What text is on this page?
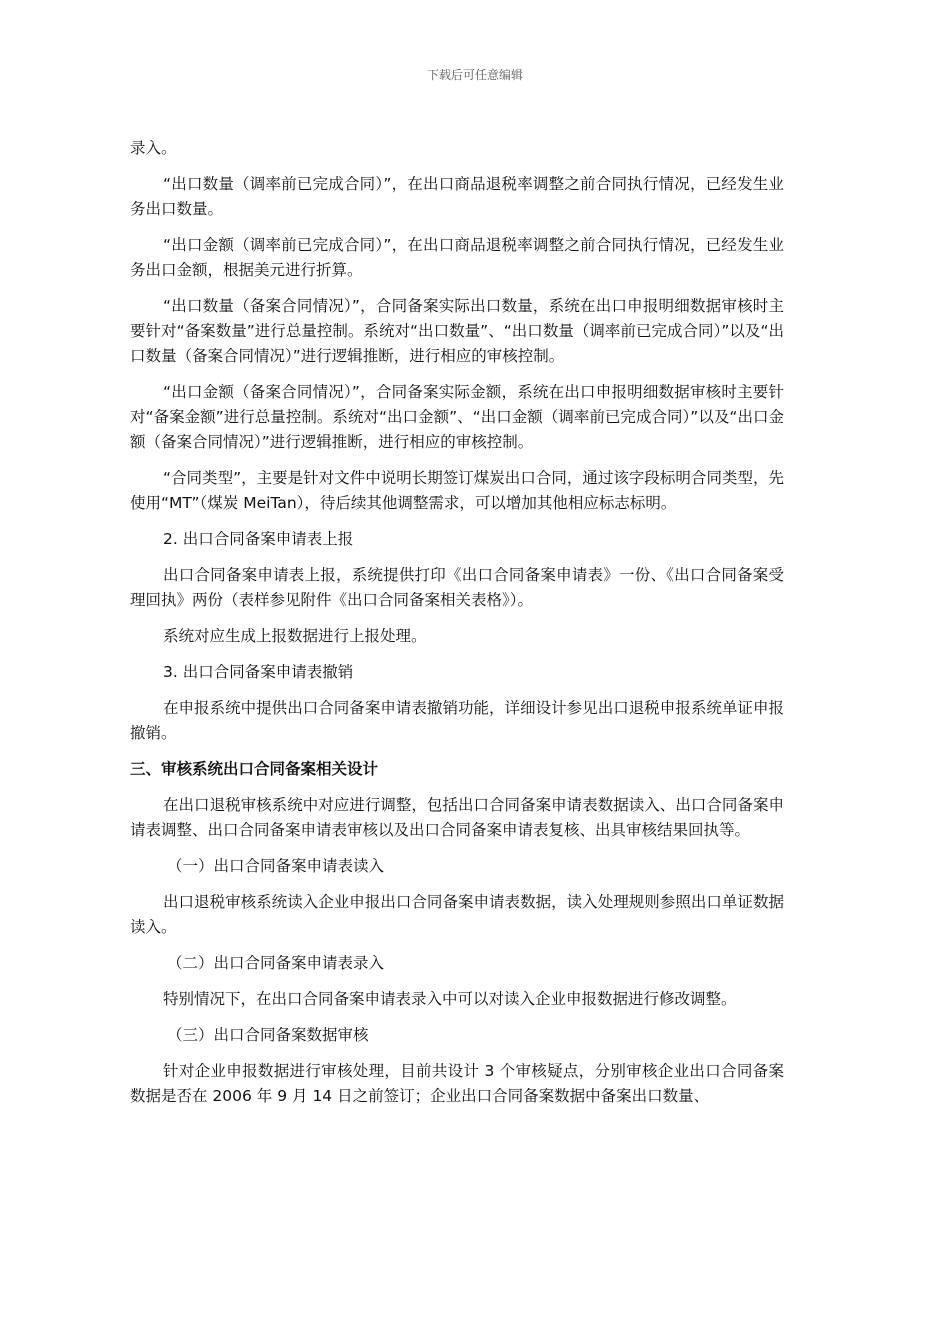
下载后可任意编辑

录入。

“出口数量（调率前已完成合同）”，在出口商品退税率调整之前合同执行情况，已经发生业务出口数量。

“出口金额（调率前已完成合同）”，在出口商品退税率调整之前合同执行情况，已经发生业务出口金额，根据美元进行折算。

“出口数量（备案合同情况）”，合同备案实际出口数量，系统在出口申报明细数据审核时主要针对“备案数量”进行总量控制。系统对“出口数量”、“出口数量（调率前已完成合同）”以及“出口数量（备案合同情况）”进行逻辑推断，进行相应的审核控制。

“出口金额（备案合同情况）”，合同备案实际金额，系统在出口申报明细数据审核时主要针对“备案金额”进行总量控制。系统对“出口金额”、“出口金额（调率前已完成合同）”以及“出口金额（备案合同情况）”进行逻辑推断，进行相应的审核控制。

“合同类型”，主要是针对文件中说明长期签订煤炭出口合同，通过该字段标明合同类型，先使用“MT”（煤炭 MeiTan），待后续其他调整需求，可以增加其他相应标志标明。

2. 出口合同备案申请表上报

出口合同备案申请表上报，系统提供打印《出口合同备案申请表》一份、《出口合同备案受理回执》两份（表样参见附件《出口合同备案相关表格》）。

系统对应生成上报数据进行上报处理。

3. 出口合同备案申请表撤销

在申报系统中提供出口合同备案申请表撤销功能，详细设计参见出口退税申报系统单证申报撤销。

三、审核系统出口合同备案相关设计

在出口退税审核系统中对应进行调整，包括出口合同备案申请表数据读入、出口合同备案申请表调整、出口合同备案申请表审核以及出口合同备案申请表复核、出具审核结果回执等。

（一）出口合同备案申请表读入

出口退税审核系统读入企业申报出口合同备案申请表数据，读入处理规则参照出口单证数据读入。

（二）出口合同备案申请表录入

特别情况下，在出口合同备案申请表录入中可以对读入企业申报数据进行修改调整。

（三）出口合同备案数据审核

针对企业申报数据进行审核处理，目前共设计 3 个审核疑点，分别审核企业出口合同备案数据是否在 2006 年 9 月 14 日之前签订；企业出口合同备案数据中备案出口数量、
